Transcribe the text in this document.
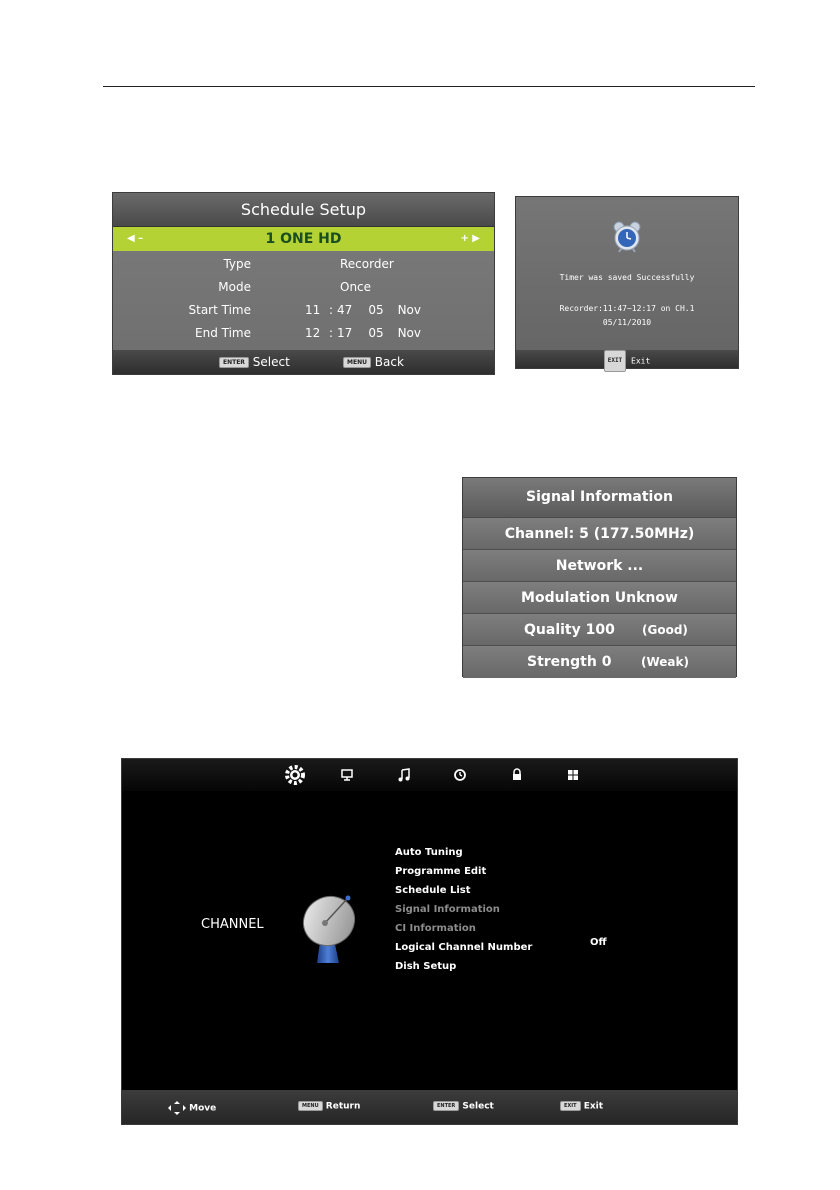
Schedule Setup
◀ –	1 ONE HD	+ ▶
Type	Recorder
Mode	Once
Start Time	11 : 47 05 Nov
End Time	12 : 17 05 Nov
ENTER Select	MENU Back
Timer was saved Successfully
Recorder:11:47~12:17 on CH.1
05/11/2010
EXIT Exit
Signal Information
Channel: 5 (177.50MHz)
Network ...
Modulation Unknow
Quality 100 (Good)
Strength 0 (Weak)
CHANNEL
Auto Tuning
Programme Edit
Schedule List
Signal Information
CI Information
Logical Channel Number
Dish Setup
Off
Move	MENU Return	ENTER Select	EXIT Exit
